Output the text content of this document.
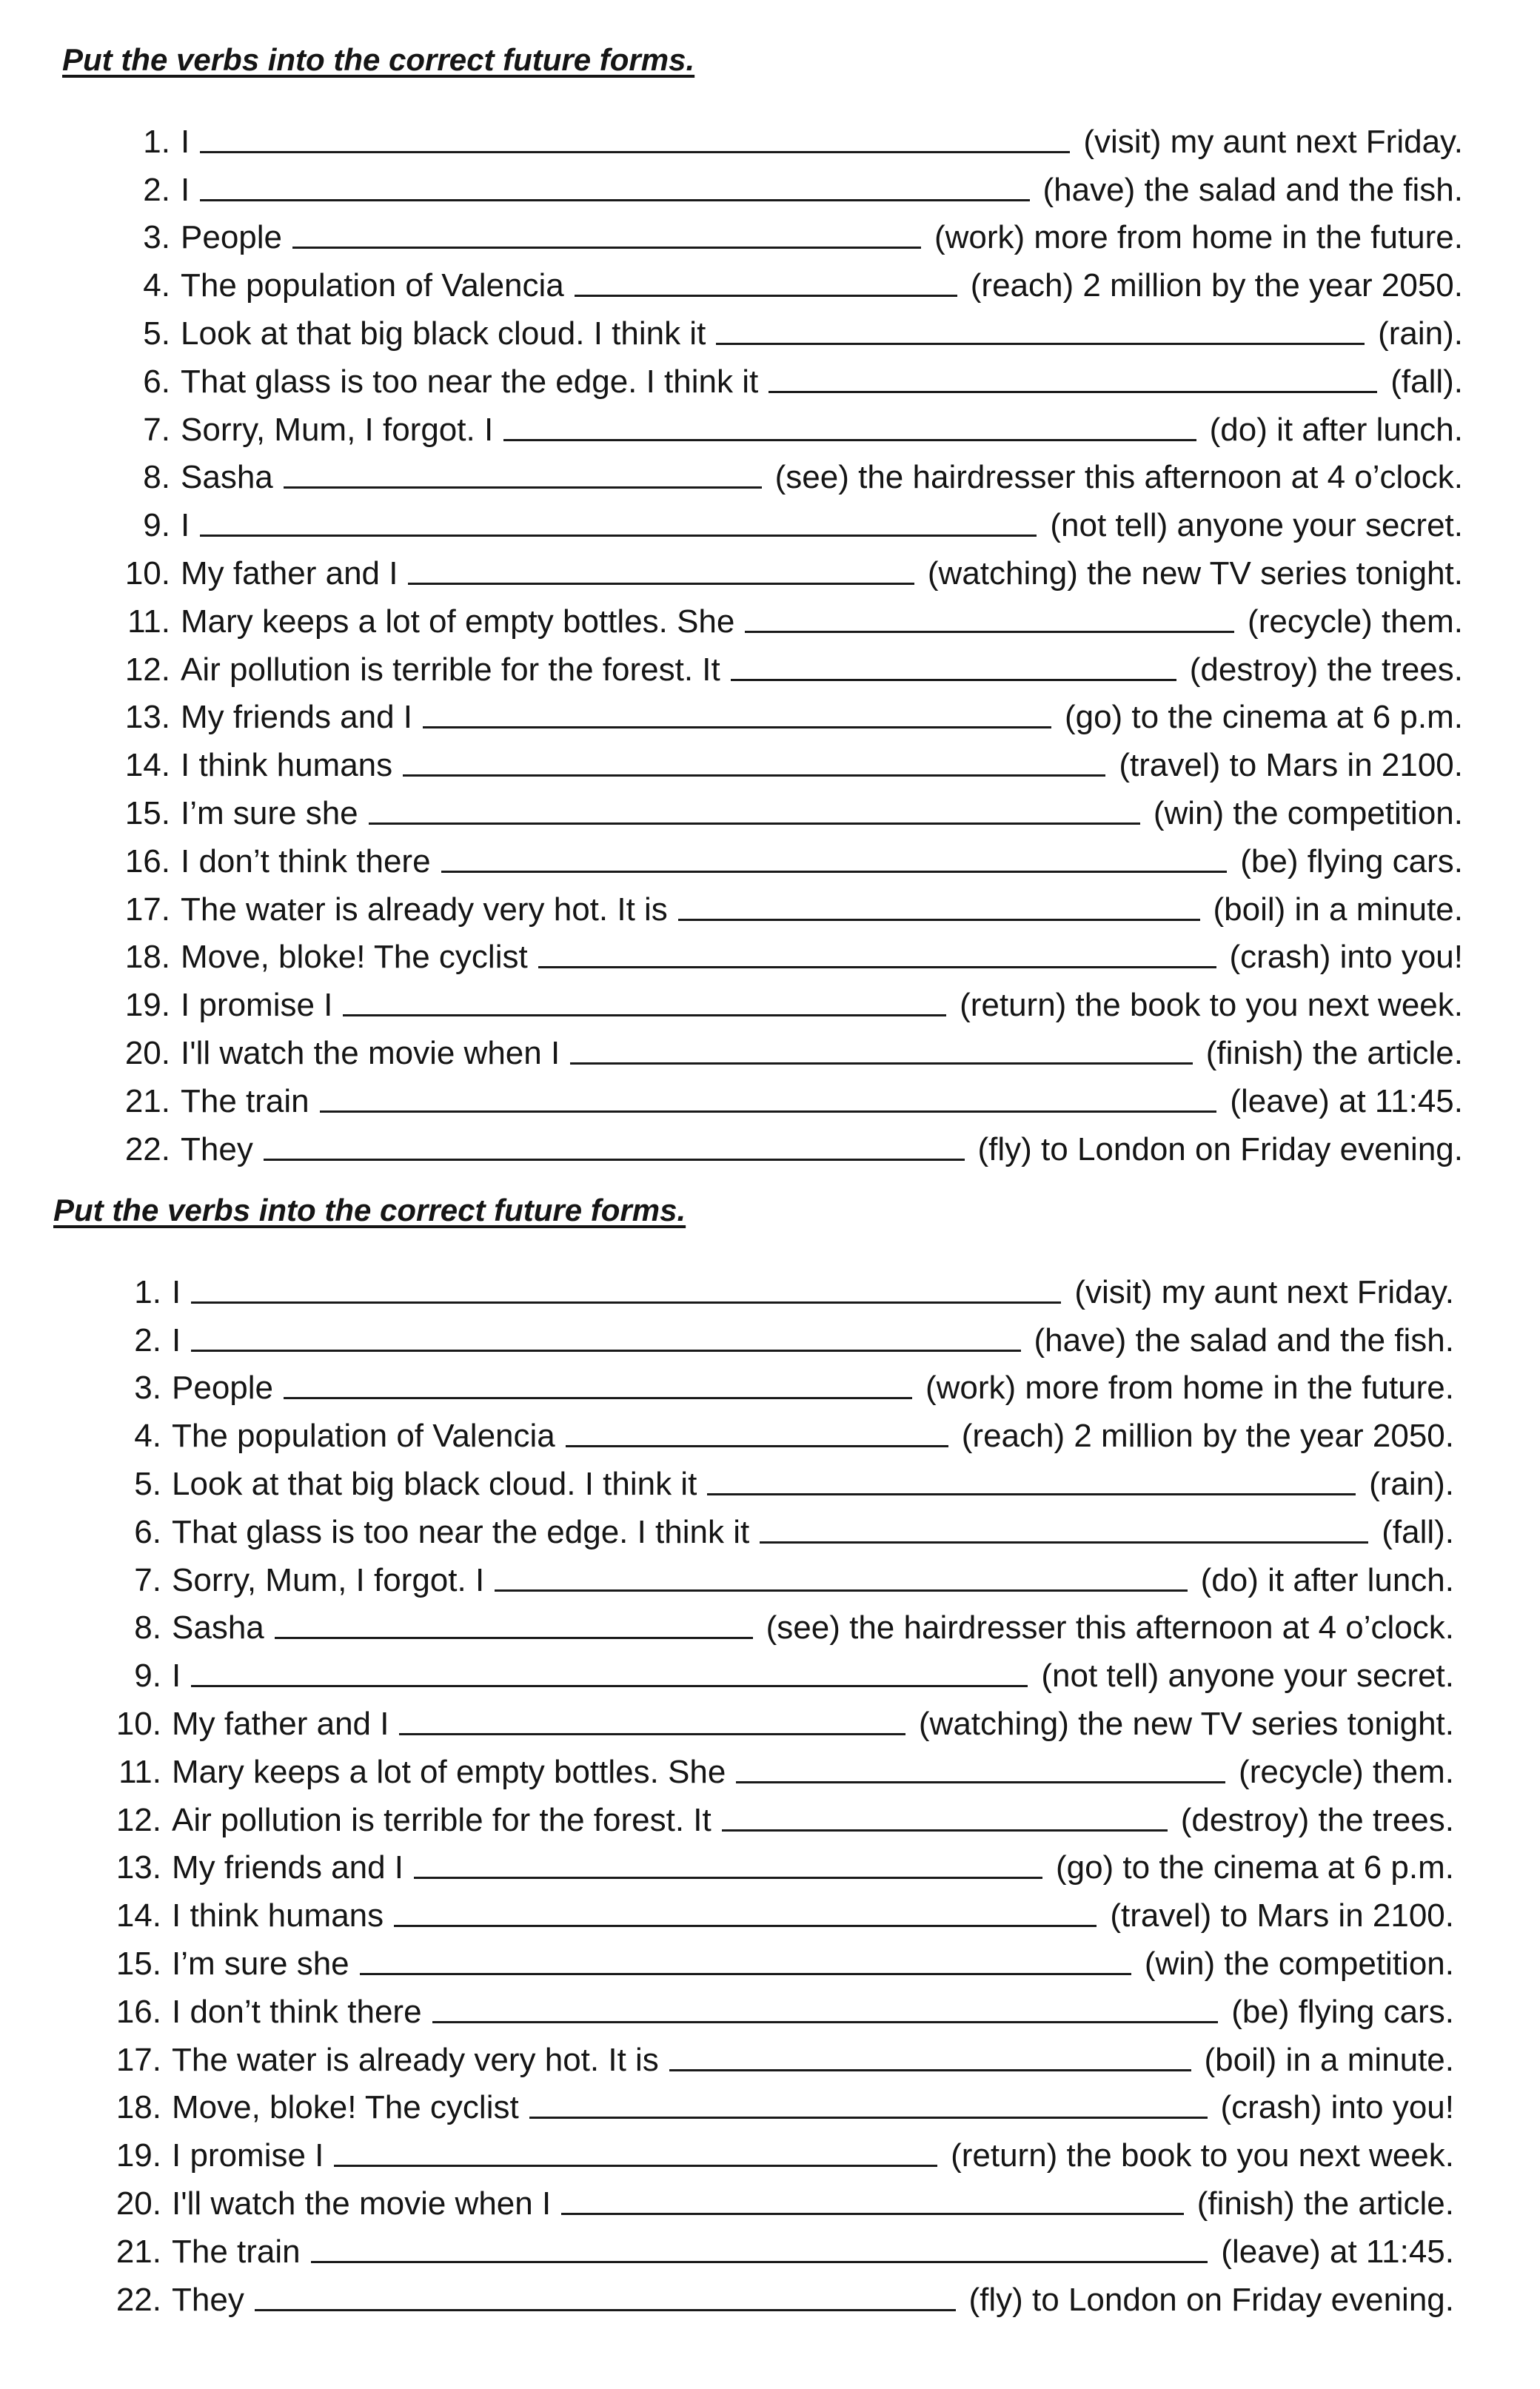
Put the verbs into the correct future forms.
1. I	(visit) my aunt next Friday.
2. I	(have) the salad and the fish.
3. People	(work) more from home in the future.
4. The population of Valencia	(reach) 2 million by the year 2050.
5. Look at that big black cloud. I think it	(rain).
6. That glass is too near the edge. I think it	(fall).
7. Sorry, Mum, I forgot. I	(do) it after lunch.
8. Sasha	(see) the hairdresser this afternoon at 4 o’clock.
9. I	(not tell) anyone your secret.
10. My father and I	(watching) the new TV series tonight.
11. Mary keeps a lot of empty bottles. She	(recycle) them.
12. Air pollution is terrible for the forest. It	(destroy) the trees.
13. My friends and I	(go) to the cinema at 6 p.m.
14. I think humans	(travel) to Mars in 2100.
15. I’m sure she	(win) the competition.
16. I don’t think there	(be) flying cars.
17. The water is already very hot. It is	(boil) in a minute.
18. Move, bloke! The cyclist	(crash) into you!
19. I promise I	(return) the book to you next week.
20. I'll watch the movie when I	(finish) the article.
21. The train	(leave) at 11:45.
22. They	(fly) to London on Friday evening.
Put the verbs into the correct future forms.
1. I	(visit) my aunt next Friday.
2. I	(have) the salad and the fish.
3. People	(work) more from home in the future.
4. The population of Valencia	(reach) 2 million by the year 2050.
5. Look at that big black cloud. I think it	(rain).
6. That glass is too near the edge. I think it	(fall).
7. Sorry, Mum, I forgot. I	(do) it after lunch.
8. Sasha	(see) the hairdresser this afternoon at 4 o’clock.
9. I	(not tell) anyone your secret.
10. My father and I	(watching) the new TV series tonight.
11. Mary keeps a lot of empty bottles. She	(recycle) them.
12. Air pollution is terrible for the forest. It	(destroy) the trees.
13. My friends and I	(go) to the cinema at 6 p.m.
14. I think humans	(travel) to Mars in 2100.
15. I’m sure she	(win) the competition.
16. I don’t think there	(be) flying cars.
17. The water is already very hot. It is	(boil) in a minute.
18. Move, bloke! The cyclist	(crash) into you!
19. I promise I	(return) the book to you next week.
20. I'll watch the movie when I	(finish) the article.
21. The train	(leave) at 11:45.
22. They	(fly) to London on Friday evening.
